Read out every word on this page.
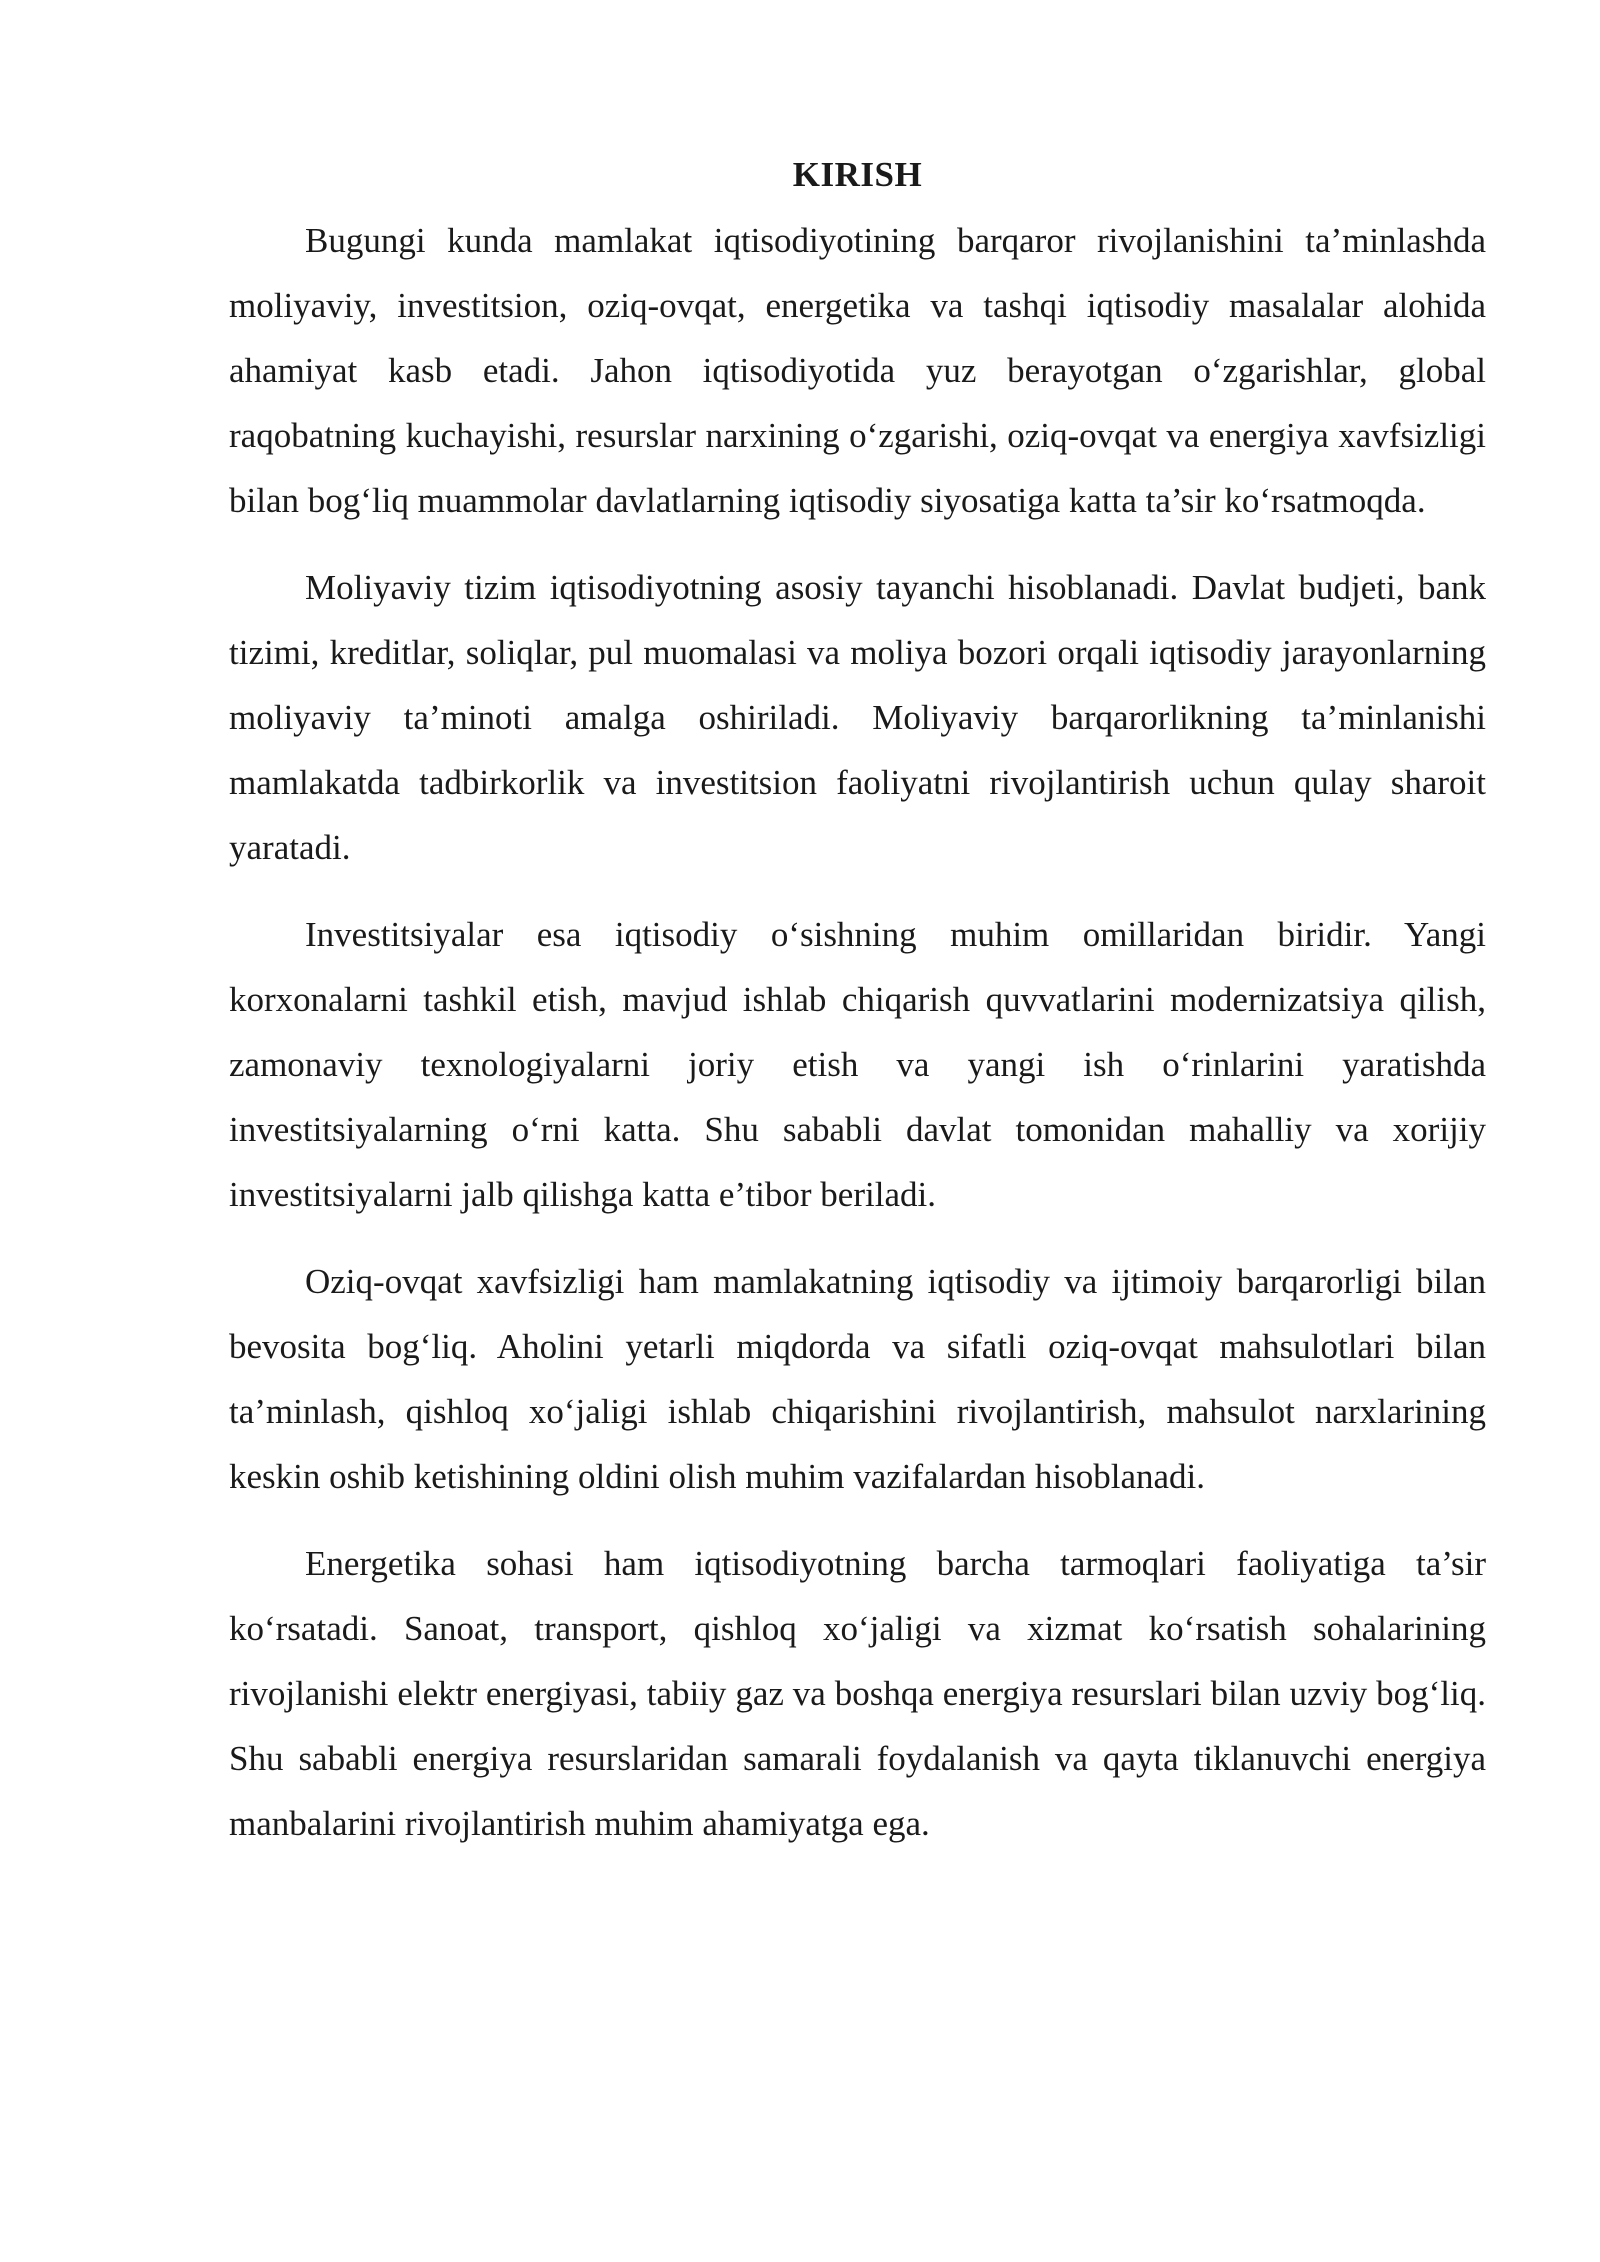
KIRISH

Bugungi kunda mamlakat iqtisodiyotining barqaror rivojlanishini ta’minlashda moliyaviy, investitsion, oziq-ovqat, energetika va tashqi iqtisodiy masalalar alohida ahamiyat kasb etadi. Jahon iqtisodiyotida yuz berayotgan o‘zgarishlar, global raqobatning kuchayishi, resurslar narxining o‘zgarishi, oziq-ovqat va energiya xavfsizligi bilan bog‘liq muammolar davlatlarning iqtisodiy siyosatiga katta ta’sir ko‘rsatmoqda.

Moliyaviy tizim iqtisodiyotning asosiy tayanchi hisoblanadi. Davlat budjeti, bank tizimi, kreditlar, soliqlar, pul muomalasi va moliya bozori orqali iqtisodiy jarayonlarning moliyaviy ta’minoti amalga oshiriladi. Moliyaviy barqarorlikning ta’minlanishi mamlakatda tadbirkorlik va investitsion faoliyatni rivojlantirish uchun qulay sharoit yaratadi.

Investitsiyalar esa iqtisodiy o‘sishning muhim omillaridan biridir. Yangi korxonalarni tashkil etish, mavjud ishlab chiqarish quvvatlarini modernizatsiya qilish, zamonaviy texnologiyalarni joriy etish va yangi ish o‘rinlarini yaratishda investitsiyalarning o‘rni katta. Shu sababli davlat tomonidan mahalliy va xorijiy investitsiyalarni jalb qilishga katta e’tibor beriladi.

Oziq-ovqat xavfsizligi ham mamlakatning iqtisodiy va ijtimoiy barqarorligi bilan bevosita bog‘liq. Aholini yetarli miqdorda va sifatli oziq-ovqat mahsulotlari bilan ta’minlash, qishloq xo‘jaligi ishlab chiqarishini rivojlantirish, mahsulot narxlarining keskin oshib ketishining oldini olish muhim vazifalardan hisoblanadi.

Energetika sohasi ham iqtisodiyotning barcha tarmoqlari faoliyatiga ta’sir ko‘rsatadi. Sanoat, transport, qishloq xo‘jaligi va xizmat ko‘rsatish sohalarining rivojlanishi elektr energiyasi, tabiiy gaz va boshqa energiya resurslari bilan uzviy bog‘liq. Shu sababli energiya resurslaridan samarali foydalanish va qayta tiklanuvchi energiya manbalarini rivojlantirish muhim ahamiyatga ega.
